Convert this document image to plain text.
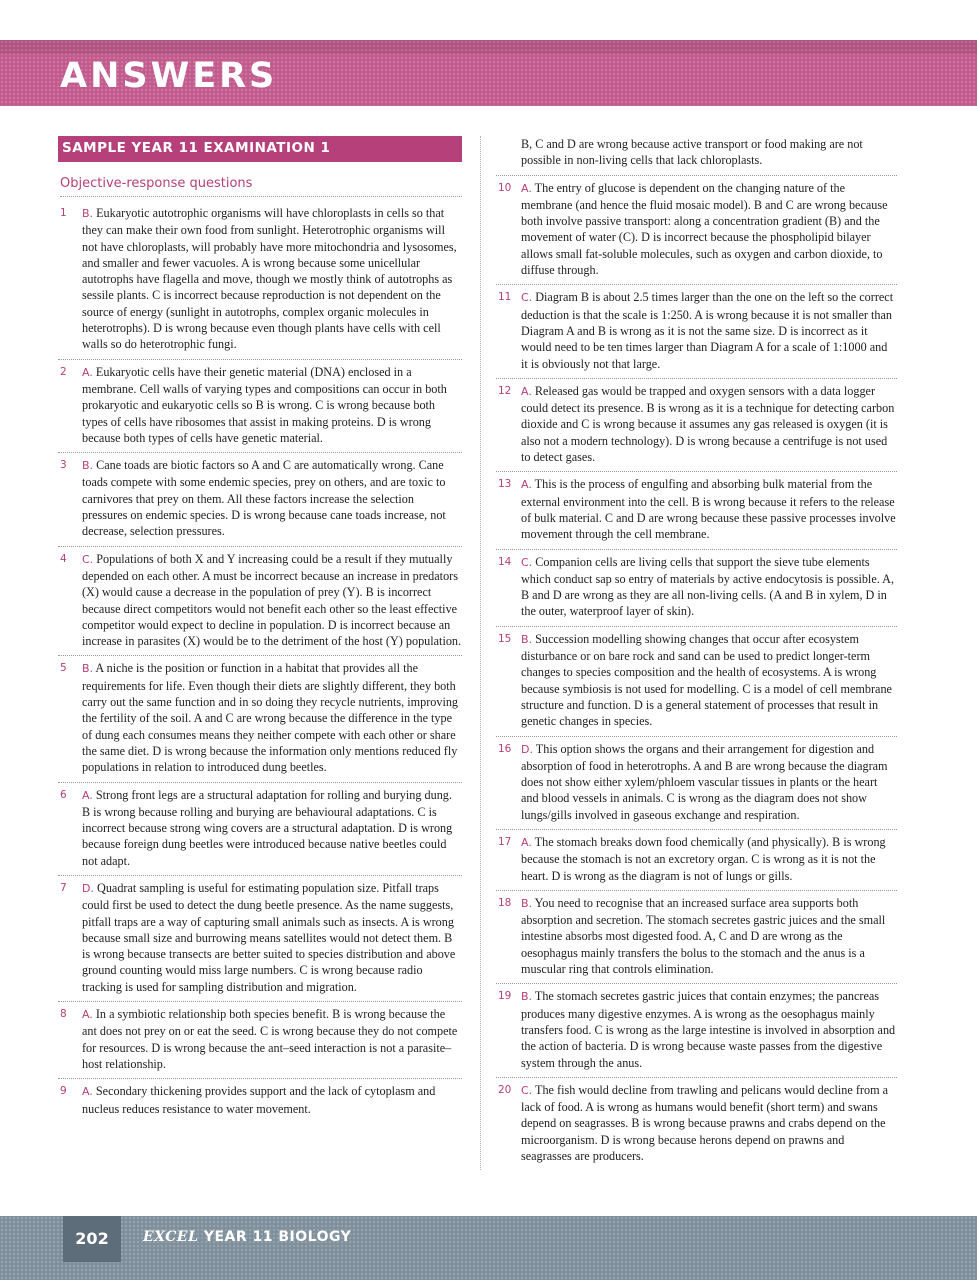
ANSWERS
SAMPLE YEAR 11 EXAMINATION 1
Objective-response questions
1 B. Eukaryotic autotrophic organisms will have chloroplasts in cells so that they can make their own food from sunlight. Heterotrophic organisms will not have chloroplasts, will probably have more mitochondria and lysosomes, and smaller and fewer vacuoles. A is wrong because some unicellular autotrophs have flagella and move, though we mostly think of autotrophs as sessile plants. C is incorrect because reproduction is not dependent on the source of energy (sunlight in autotrophs, complex organic molecules in heterotrophs). D is wrong because even though plants have cells with cell walls so do heterotrophic fungi.
2 A. Eukaryotic cells have their genetic material (DNA) enclosed in a membrane. Cell walls of varying types and compositions can occur in both prokaryotic and eukaryotic cells so B is wrong. C is wrong because both types of cells have ribosomes that assist in making proteins. D is wrong because both types of cells have genetic material.
3 B. Cane toads are biotic factors so A and C are automatically wrong. Cane toads compete with some endemic species, prey on others, and are toxic to carnivores that prey on them. All these factors increase the selection pressures on endemic species. D is wrong because cane toads increase, not decrease, selection pressures.
4 C. Populations of both X and Y increasing could be a result if they mutually depended on each other. A must be incorrect because an increase in predators (X) would cause a decrease in the population of prey (Y). B is incorrect because direct competitors would not benefit each other so the least effective competitor would expect to decline in population. D is incorrect because an increase in parasites (X) would be to the detriment of the host (Y) population.
5 B. A niche is the position or function in a habitat that provides all the requirements for life. Even though their diets are slightly different, they both carry out the same function and in so doing they recycle nutrients, improving the fertility of the soil. A and C are wrong because the difference in the type of dung each consumes means they neither compete with each other or share the same diet. D is wrong because the information only mentions reduced fly populations in relation to introduced dung beetles.
6 A. Strong front legs are a structural adaptation for rolling and burying dung. B is wrong because rolling and burying are behavioural adaptations. C is incorrect because strong wing covers are a structural adaptation. D is wrong because foreign dung beetles were introduced because native beetles could not adapt.
7 D. Quadrat sampling is useful for estimating population size. Pitfall traps could first be used to detect the dung beetle presence. As the name suggests, pitfall traps are a way of capturing small animals such as insects. A is wrong because small size and burrowing means satellites would not detect them. B is wrong because transects are better suited to species distribution and above ground counting would miss large numbers. C is wrong because radio tracking is used for sampling distribution and migration.
8 A. In a symbiotic relationship both species benefit. B is wrong because the ant does not prey on or eat the seed. C is wrong because they do not compete for resources. D is wrong because the ant–seed interaction is not a parasite–host relationship.
9 A. Secondary thickening provides support and the lack of cytoplasm and nucleus reduces resistance to water movement.
B, C and D are wrong because active transport or food making are not possible in non-living cells that lack chloroplasts.
10 A. The entry of glucose is dependent on the changing nature of the membrane (and hence the fluid mosaic model). B and C are wrong because both involve passive transport: along a concentration gradient (B) and the movement of water (C). D is incorrect because the phospholipid bilayer allows small fat-soluble molecules, such as oxygen and carbon dioxide, to diffuse through.
11 C. Diagram B is about 2.5 times larger than the one on the left so the correct deduction is that the scale is 1:250. A is wrong because it is not smaller than Diagram A and B is wrong as it is not the same size. D is incorrect as it would need to be ten times larger than Diagram A for a scale of 1:1000 and it is obviously not that large.
12 A. Released gas would be trapped and oxygen sensors with a data logger could detect its presence. B is wrong as it is a technique for detecting carbon dioxide and C is wrong because it assumes any gas released is oxygen (it is also not a modern technology). D is wrong because a centrifuge is not used to detect gases.
13 A. This is the process of engulfing and absorbing bulk material from the external environment into the cell. B is wrong because it refers to the release of bulk material. C and D are wrong because these passive processes involve movement through the cell membrane.
14 C. Companion cells are living cells that support the sieve tube elements which conduct sap so entry of materials by active endocytosis is possible. A, B and D are wrong as they are all non-living cells. (A and B in xylem, D in the outer, waterproof layer of skin).
15 B. Succession modelling showing changes that occur after ecosystem disturbance or on bare rock and sand can be used to predict longer-term changes to species composition and the health of ecosystems. A is wrong because symbiosis is not used for modelling. C is a model of cell membrane structure and function. D is a general statement of processes that result in genetic changes in species.
16 D. This option shows the organs and their arrangement for digestion and absorption of food in heterotrophs. A and B are wrong because the diagram does not show either xylem/phloem vascular tissues in plants or the heart and blood vessels in animals. C is wrong as the diagram does not show lungs/gills involved in gaseous exchange and respiration.
17 A. The stomach breaks down food chemically (and physically). B is wrong because the stomach is not an excretory organ. C is wrong as it is not the heart. D is wrong as the diagram is not of lungs or gills.
18 B. You need to recognise that an increased surface area supports both absorption and secretion. The stomach secretes gastric juices and the small intestine absorbs most digested food. A, C and D are wrong as the oesophagus mainly transfers the bolus to the stomach and the anus is a muscular ring that controls elimination.
19 B. The stomach secretes gastric juices that contain enzymes; the pancreas produces many digestive enzymes. A is wrong as the oesophagus mainly transfers food. C is wrong as the large intestine is involved in absorption and the action of bacteria. D is wrong because waste passes from the digestive system through the anus.
20 C. The fish would decline from trawling and pelicans would decline from a lack of food. A is wrong as humans would benefit (short term) and swans depend on seagrasses. B is wrong because prawns and crabs depend on the microorganism. D is wrong because herons depend on prawns and seagrasses are producers.
202	EXCEL YEAR 11 BIOLOGY
